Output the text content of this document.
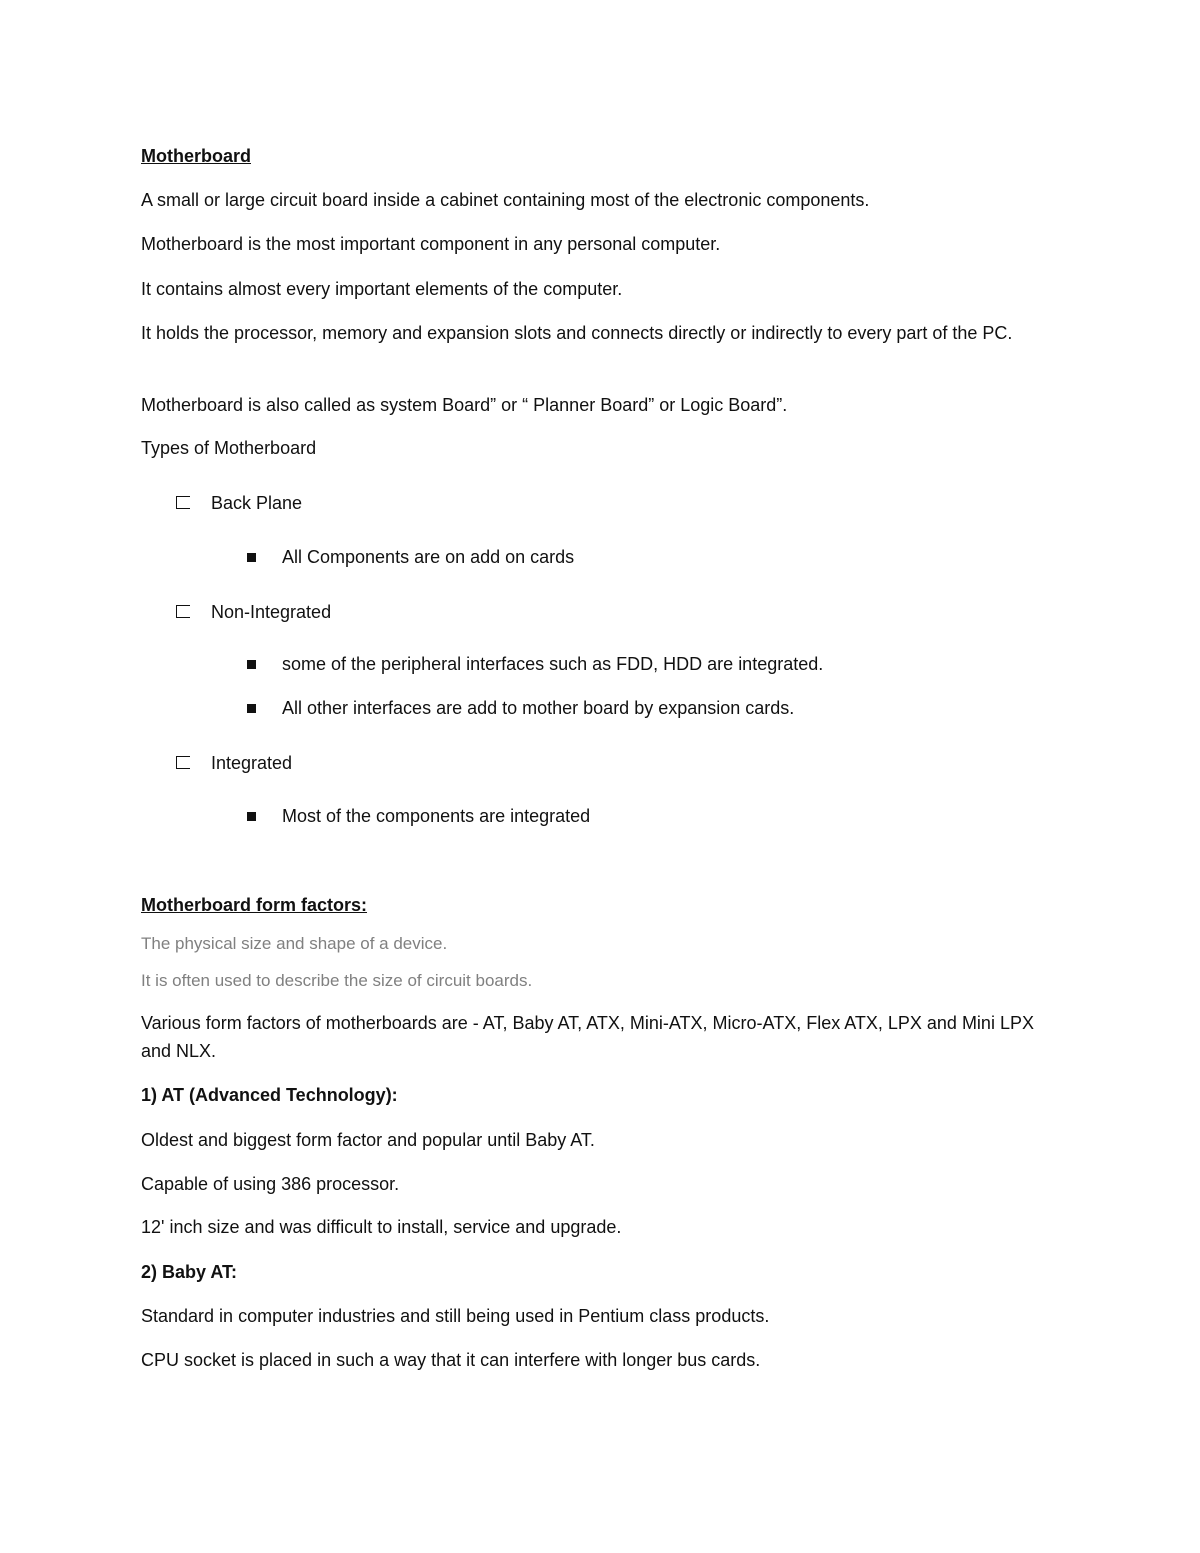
Motherboard
A small or large circuit board inside a cabinet containing most of the electronic components.
Motherboard is the most important component in any personal computer.
It contains almost every important elements of the computer.
It holds the processor, memory and expansion slots and connects directly or indirectly to every part of the PC.
Motherboard is also called as system Board” or “ Planner Board” or Logic Board”.
Types of Motherboard
Back Plane
All Components are on add on cards
Non-Integrated
some of the peripheral interfaces such as FDD, HDD are integrated.
All other interfaces are add to mother board by expansion cards.
Integrated
Most of the components are integrated
Motherboard form factors:
The physical size and shape of a device.
It is often used to describe the size of circuit boards.
Various form factors of motherboards are - AT, Baby AT, ATX, Mini-ATX, Micro-ATX, Flex ATX, LPX and Mini LPX and NLX.
1) AT (Advanced Technology):
Oldest and biggest form factor and popular until Baby AT.
Capable of using 386 processor.
12' inch size and was difficult to install, service and upgrade.
2) Baby AT:
Standard in computer industries and still being used in Pentium class products.
CPU socket is placed in such a way that it can interfere with longer bus cards.
